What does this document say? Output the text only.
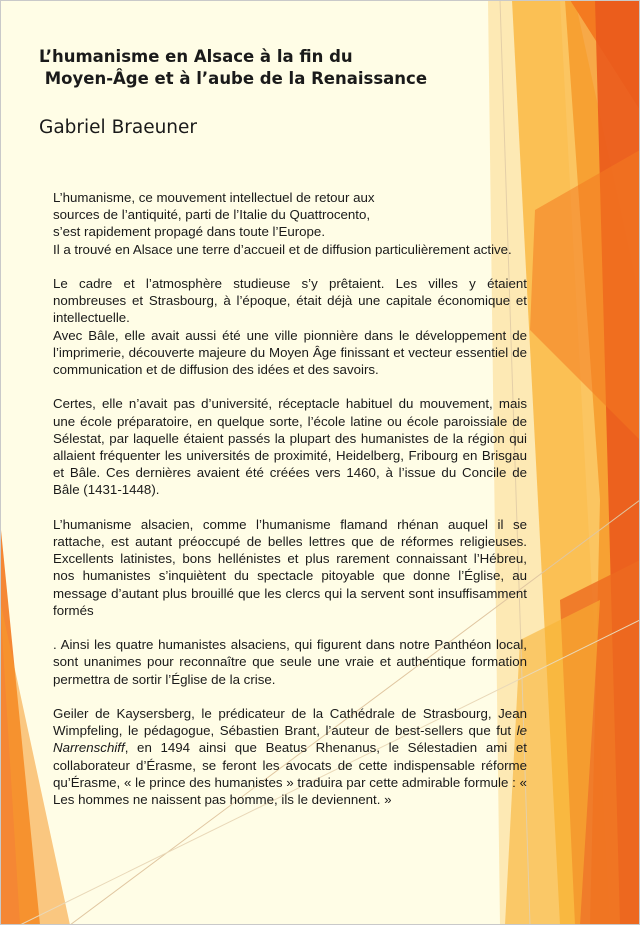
L’humanisme en Alsace à la fin du
Moyen-Âge et à l’aube de la Renaissance
Gabriel Braeuner

L’humanisme, ce mouvement intellectuel de retour aux
sources de l’antiquité, parti de l’Italie du Quattrocento,
s’est rapidement propagé dans toute l’Europe.
Il a trouvé en Alsace une terre d’accueil et de diffusion particulièrement active.

Le cadre et l’atmosphère studieuse s’y prêtaient. Les villes y étaient nombreuses et Strasbourg, à l’époque, était déjà une capitale économique et intellectuelle.
Avec Bâle, elle avait aussi été une ville pionnière dans le développement de l’imprimerie, découverte majeure du Moyen Âge finissant et vecteur essentiel de communication et de diffusion des idées et des savoirs.

Certes, elle n’avait pas d’université, réceptacle habituel du mouvement, mais une école préparatoire, en quelque sorte, l’école latine ou école paroissiale de Sélestat, par laquelle étaient passés la plupart des humanistes de la région qui allaient fréquenter les universités de proximité, Heidelberg, Fribourg en Brisgau et Bâle. Ces dernières avaient été créées vers 1460, à l’issue du Concile de Bâle (1431-1448).

L’humanisme alsacien, comme l’humanisme flamand rhénan auquel il se rattache, est autant préoccupé de belles lettres que de réformes religieuses. Excellents latinistes, bons hellénistes et plus rarement connaissant l’Hébreu, nos humanistes s’inquiètent du spectacle pitoyable que donne l’Église, au message d’autant plus brouillé que les clercs qui la servent sont insuffisamment formés

. Ainsi les quatre humanistes alsaciens, qui figurent dans notre Panthéon local, sont unanimes pour reconnaître que seule une vraie et authentique formation permettra de sortir l’Église de la crise.

Geiler de Kaysersberg, le prédicateur de la Cathédrale de Strasbourg, Jean Wimpfeling, le pédagogue, Sébastien Brant, l’auteur de best-sellers que fut le Narrenschiff, en 1494 ainsi que Beatus Rhenanus, le Sélestadien ami et collaborateur d’Érasme, se feront les avocats de cette indispensable réforme qu’Érasme, « le prince des humanistes » traduira par cette admirable formule : « Les hommes ne naissent pas homme, ils le deviennent. »
